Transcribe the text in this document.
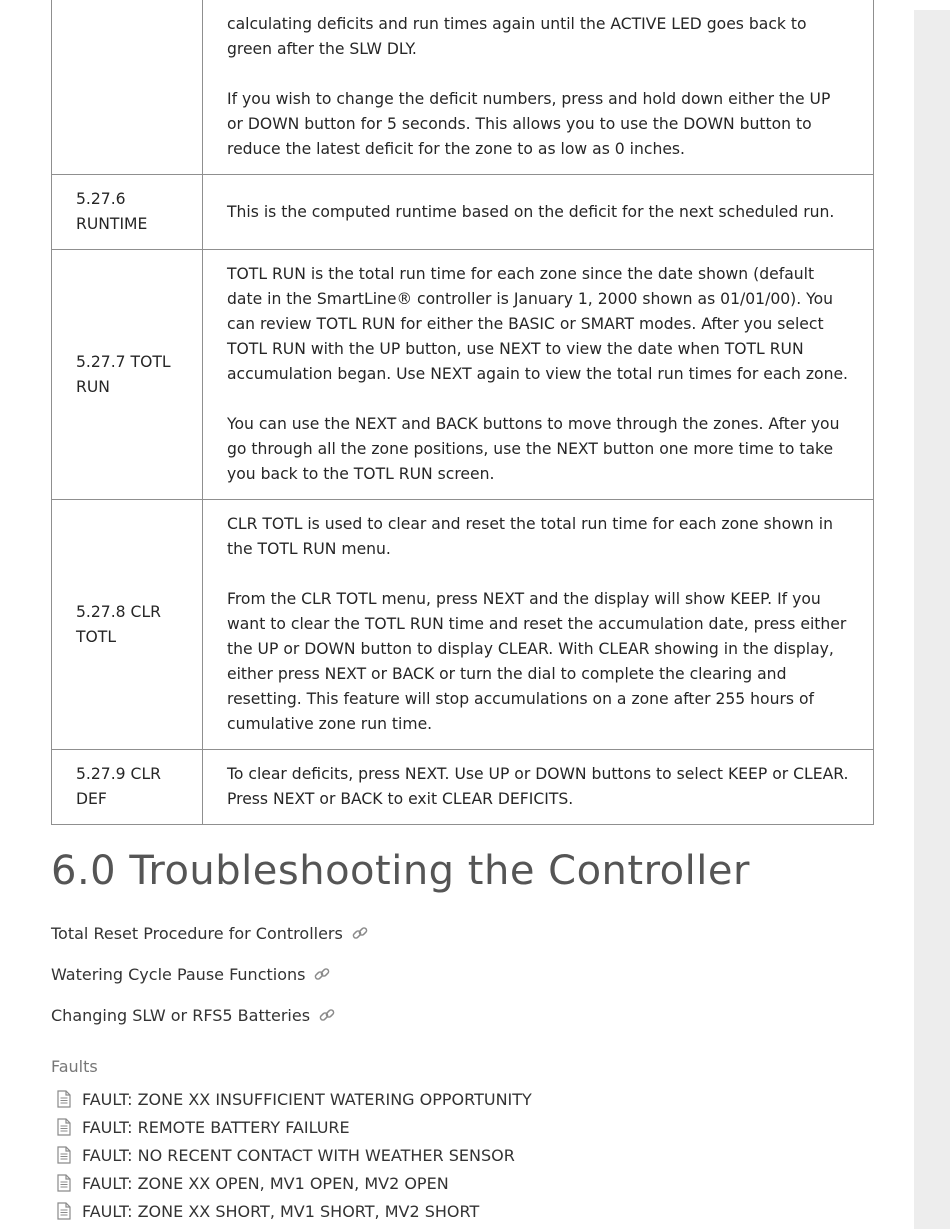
	calculating deficits and run times again until the ACTIVE LED goes back to green after the SLW DLY.

If you wish to change the deficit numbers, press and hold down either the UP or DOWN button for 5 seconds. This allows you to use the DOWN button to reduce the latest deficit for the zone to as low as 0 inches.

5.27.6 RUNTIME	This is the computed runtime based on the deficit for the next scheduled run.

5.27.7 TOTL RUN	TOTL RUN is the total run time for each zone since the date shown (default date in the SmartLine® controller is January 1, 2000 shown as 01/01/00). You can review TOTL RUN for either the BASIC or SMART modes. After you select TOTL RUN with the UP button, use NEXT to view the date when TOTL RUN accumulation began. Use NEXT again to view the total run times for each zone.

You can use the NEXT and BACK buttons to move through the zones. After you go through all the zone positions, use the NEXT button one more time to take you back to the TOTL RUN screen.

5.27.8 CLR TOTL	CLR TOTL is used to clear and reset the total run time for each zone shown in the TOTL RUN menu.

From the CLR TOTL menu, press NEXT and the display will show KEEP. If you want to clear the TOTL RUN time and reset the accumulation date, press either the UP or DOWN button to display CLEAR. With CLEAR showing in the display, either press NEXT or BACK or turn the dial to complete the clearing and resetting. This feature will stop accumulations on a zone after 255 hours of cumulative zone run time.

5.27.9 CLR DEF	To clear deficits, press NEXT. Use UP or DOWN buttons to select KEEP or CLEAR. Press NEXT or BACK to exit CLEAR DEFICITS.

6.0 Troubleshooting the Controller
Total Reset Procedure for Controllers
Watering Cycle Pause Functions
Changing SLW or RFS5 Batteries
Faults
FAULT: ZONE XX INSUFFICIENT WATERING OPPORTUNITY
FAULT: REMOTE BATTERY FAILURE
FAULT: NO RECENT CONTACT WITH WEATHER SENSOR
FAULT: ZONE XX OPEN, MV1 OPEN, MV2 OPEN
FAULT: ZONE XX SHORT, MV1 SHORT, MV2 SHORT
